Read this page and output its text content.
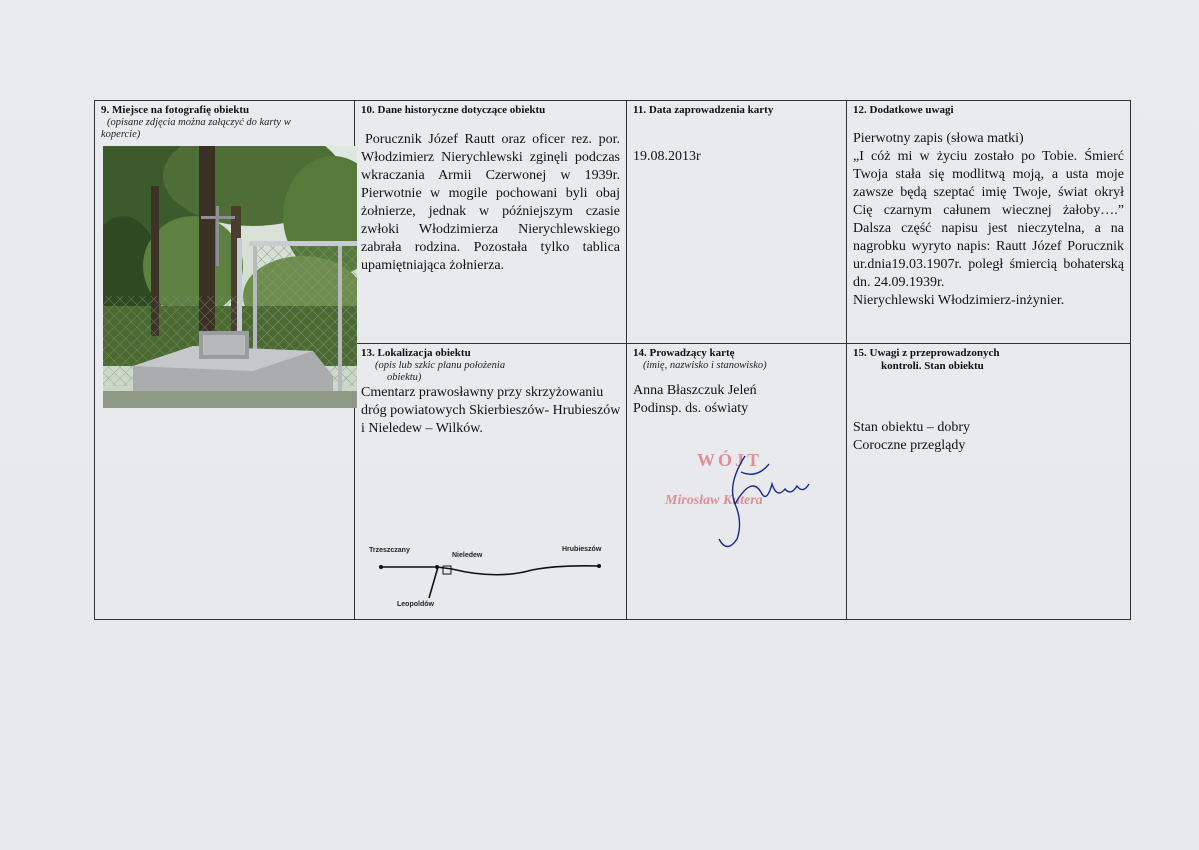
9. Miejsce na fotografię obiektu
(opisane zdjęcia można załączyć do karty w
kopercie)
10. Dane historyczne dotyczące obiektu
Porucznik Józef Rautt oraz oficer rez. por. Włodzimierz Nierychlewski zginęli podczas wkraczania Armii Czerwonej w 1939r. Pierwotnie w mogile pochowani byli obaj żołnierze, jednak w późniejszym czasie zwłoki Włodzimierza Nierychlewskiego zabrała rodzina. Pozostała tylko tablica upamiętniająca żołnierza.
11. Data zaprowadzenia karty
19.08.2013r
12. Dodatkowe uwagi
Pierwotny zapis (słowa matki)
„I cóż mi w życiu zostało po Tobie. Śmierć Twoja stała się modlitwą moją, a usta moje zawsze będą szeptać imię Twoje, świat okrył Cię czarnym całunem wiecznej żałoby….” Dalsza część napisu jest nieczytelna, a na nagrobku wyryto napis: Rautt Józef Porucznik ur.dnia19.03.1907r. poległ śmiercią bohaterską dn. 24.09.1939r.
Nierychlewski Włodzimierz-inżynier.
13. Lokalizacja obiektu
(opis lub szkic planu położenia
obiektu)
Cmentarz prawosławny przy skrzyżowaniu dróg powiatowych Skierbieszów- Hrubieszów i Nieledew – Wilków.
Trzeszczany
Nieledew
Hrubieszów
Leopoldów
14. Prowadzący kartę
(imię, nazwisko i stanowisko)
Anna Błaszczuk Jeleń
Podinsp. ds. oświaty
WÓJT
Mirosław Kutera
15. Uwagi z przeprowadzonych
kontroli. Stan obiektu
Stan obiektu – dobry
Coroczne przeglądy
